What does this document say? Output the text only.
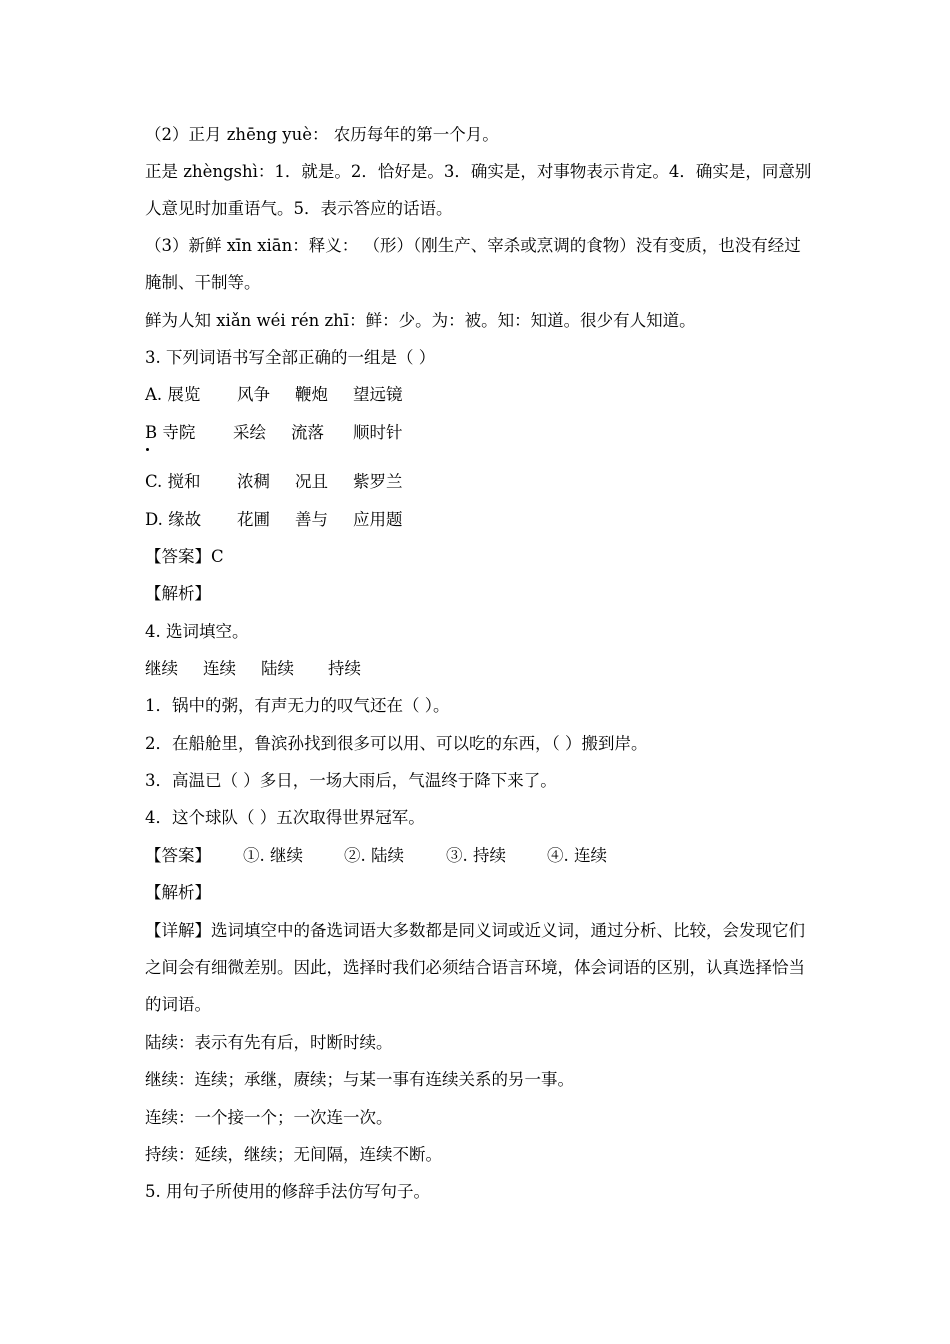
（2）正月 zhēng yuè： 农历每年的第一个月。
正是 zhèngshì：1．就是。2．恰好是。3．确实是，对事物表示肯定。4．确实是，同意别
人意见时加重语气。5．表示答应的话语。
（3）新鲜 xīn xiān：释义： （形）（刚生产、宰杀或烹调的食物）没有变质，也没有经过
腌制、干制等。
鲜为人知 xiǎn wéi rén zhī：鲜：少。为：被。知：知道。很少有人知道。
3. 下列词语书写全部正确的一组是（ ）
A. 展览 风争 鞭炮 望远镜
B 寺院 采绘 流落 顺时针
C. 搅和 浓稠 况且 紫罗兰
D. 缘故 花圃 善与 应用题
【答案】C
【解析】
4. 选词填空。
继续 连续 陆续 持续
1．锅中的粥，有声无力的叹气还在（ ）。
2．在船舱里，鲁滨孙找到很多可以用、可以吃的东西，（ ）搬到岸。
3．高温已（ ）多日，一场大雨后，气温终于降下来了。
4．这个球队（ ）五次取得世界冠军。
【答案】 ①. 继续 ②. 陆续	③. 持续 ④. 连续
【解析】
【详解】选词填空中的备选词语大多数都是同义词或近义词，通过分析、比较，会发现它们
之间会有细微差别。因此，选择时我们必须结合语言环境，体会词语的区别，认真选择恰当
的词语。
陆续：表示有先有后，时断时续。
继续：连续；承继，赓续；与某一事有连续关系的另一事。
连续：一个接一个；一次连一次。
持续：延续，继续；无间隔，连续不断。
5. 用句子所使用的修辞手法仿写句子。
